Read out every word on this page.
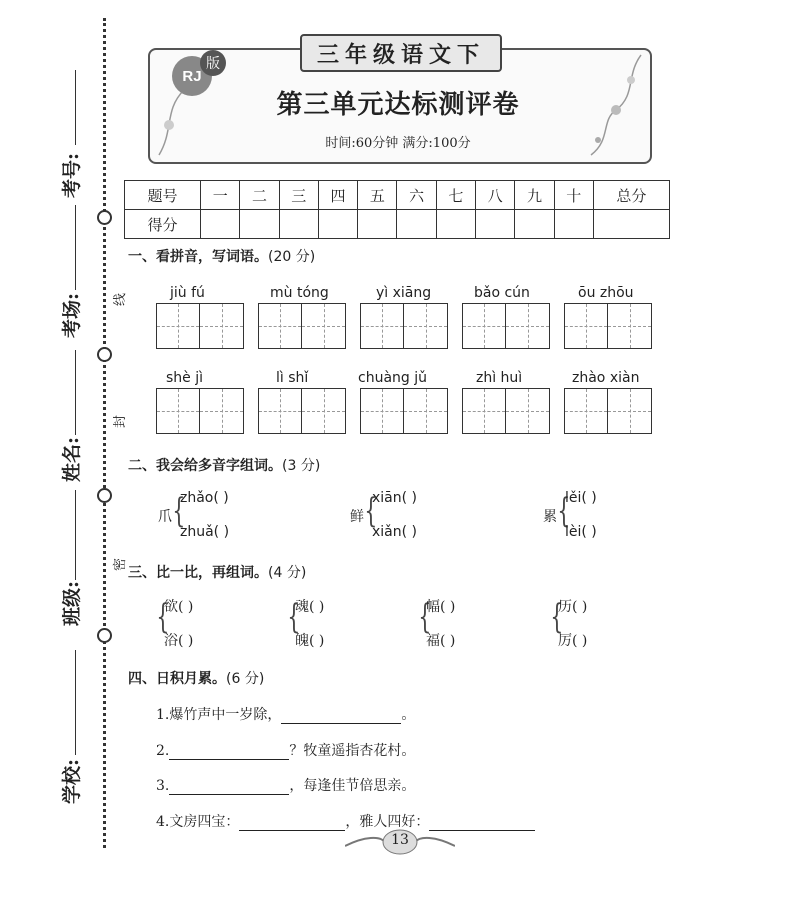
线
封
密
考号:
考场:
姓名:
班级:
学校:
三年级语文下
RJ
版
第三单元达标测评卷
时间:60分钟 满分:100分
题号	一	二	三	四	五	六	七	八	九	十	总分
得分											
一、看拼音，写词语。(20 分)
jiù fú	mù tóng	yì xiāng	bǎo cún	ōu zhōu
shè jì	lì shǐ	chuàng jǔ	zhì huì	zhào xiàn
二、我会给多音字组词。(3 分)
爪 {
zhǎo( )
zhuǎ( )
鲜 {
xiān( )
xiǎn( )
累 {
lěi( )
lèi( )
三、比一比，再组词。(4 分)
{
欲( )
浴( )
{
魂( )
魄( )
{
幅( )
福( )
{
历( )
厉( )
四、日积月累。(6 分)
1.爆竹声中一岁除，	。
2.	？牧童遥指杏花村。
3.	，每逢佳节倍思亲。
4.文房四宝：	，雅人四好：
13
